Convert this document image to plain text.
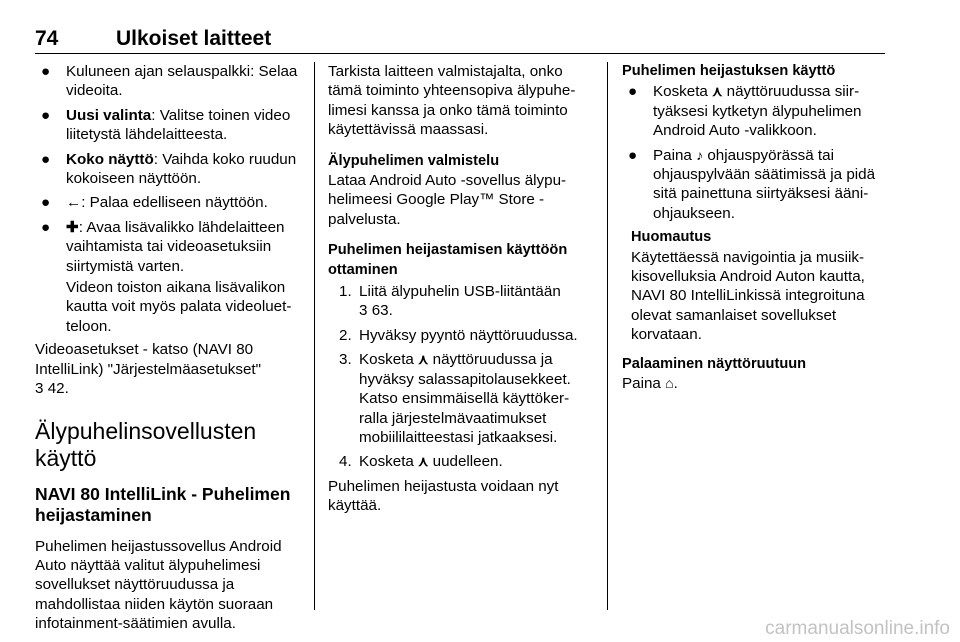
74	Ulkoiset laitteet
● Kuluneen ajan selauspalkki: Selaa videoita.
● Uusi valinta: Valitse toinen video liitetystä lähdelaitteesta.
● Koko näyttö: Vaihda koko ruudun kokoiseen näyttöön.
● ←: Palaa edelliseen näyttöön.
● ✚: Avaa lisävalikko lähdelaitteen vaihtamista tai videoasetuksiin siirtymistä varten.
Videon toiston aikana lisävalikon kautta voit myös palata videoluetteloon.

Videoasetukset - katso (NAVI 80 IntelliLink) "Järjestelmäasetukset"
3 42.

Älypuhelinsovellusten käyttö
NAVI 80 IntelliLink - Puhelimen heijastaminen

Puhelimen heijastussovellus Android Auto näyttää valitut älypuhelimesi sovellukset näyttöruudussa ja mahdollistaa niiden käytön suoraan infotainment-säätimien avulla.

Tarkista laitteen valmistajalta, onko tämä toiminto yhteensopiva älypuhelimesi kanssa ja onko tämä toiminto käytettävissä maassasi.

Älypuhelimen valmistelu

Lataa Android Auto -sovellus älypuhelimeesi Google Play™ Store -palvelusta.

Puhelimen heijastamisen käyttöön ottaminen

1. Liitä älypuhelin USB-liitäntään
3 63.
2. Hyväksy pyyntö näyttöruudussa.
3. Kosketa ⋏ näyttöruudussa ja hyväksy salassapitolausekkeet. Katso ensimmäisellä käyttökerralla järjestelmävaatimukset mobiililaitteestasi jatkaaksesi.
4. Kosketa ⋏ uudelleen.

Puhelimen heijastusta voidaan nyt käyttää.

Puhelimen heijastuksen käyttö

● Kosketa ⋏ näyttöruudussa siirtyäksesi kytketyn älypuhelimen Android Auto -valikkoon.
● Paina ♪ ohjauspyörässä tai ohjauspylvään säätimissä ja pidä sitä painettuna siirtyäksesi ääniohjaukseen.

Huomautus

Käytettäessä navigointia ja musiikkisovelluksia Android Auton kautta, NAVI 80 IntelliLinkissä integroituna olevat samanlaiset sovellukset korvataan.

Palaaminen näyttöruutuun

Paina ⌂.

carmanualsonline.info
